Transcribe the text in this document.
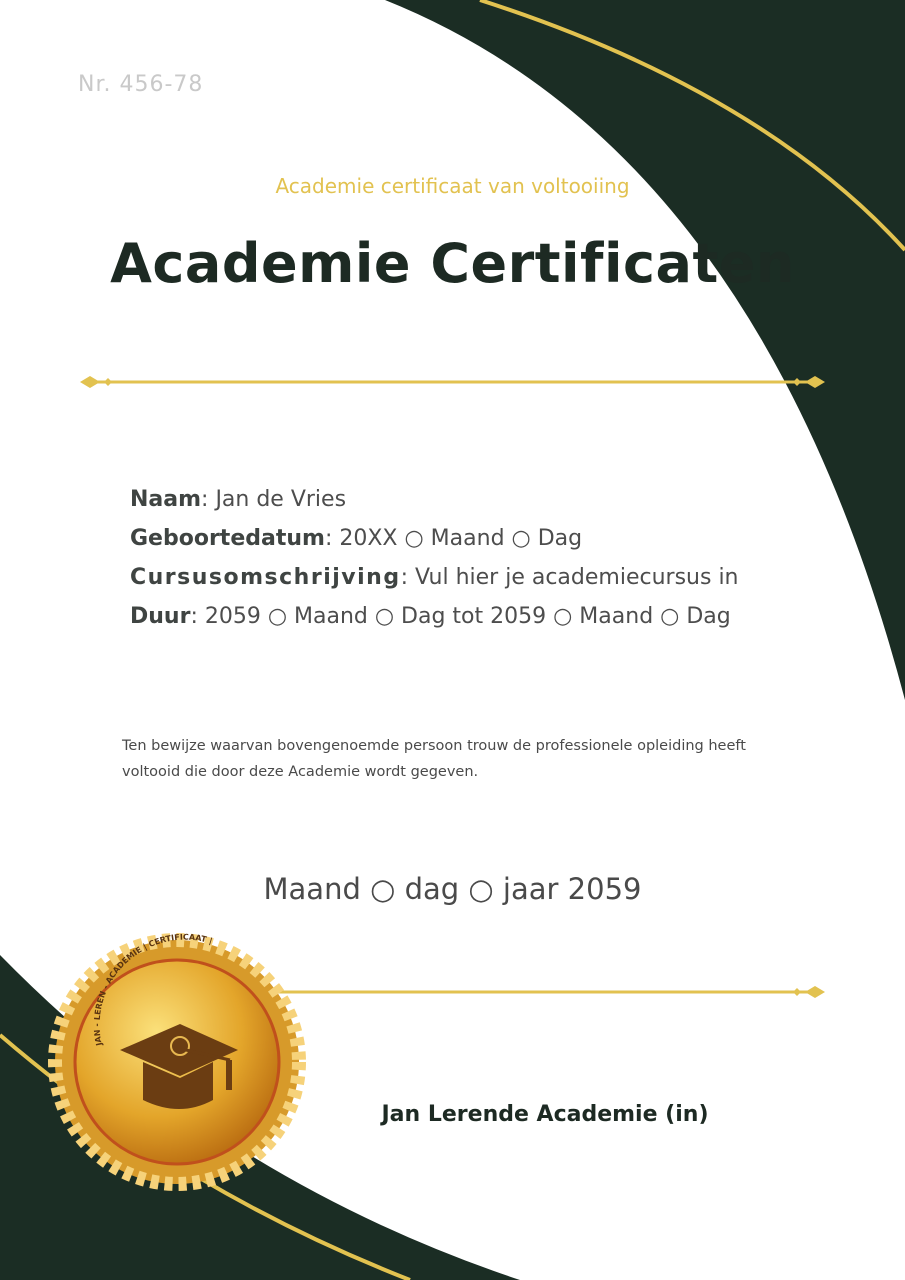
JAN - LEREN - ACADEMIE | CERTIFICAAT |
Nr. 456-78
Academie certificaat van voltooiing
Academie Certificaten
Naam: Jan de Vries
Geboortedatum: 20XX ○ Maand ○ Dag
Cursusomschrijving: Vul hier je academiecursus in
Duur: 2059 ○ Maand ○ Dag tot 2059 ○ Maand ○ Dag
Ten bewijze waarvan bovengenoemde persoon trouw de professionele opleiding heeft voltooid die door deze Academie wordt gegeven.
Maand ○ dag ○ jaar 2059
Jan Lerende Academie (in)
